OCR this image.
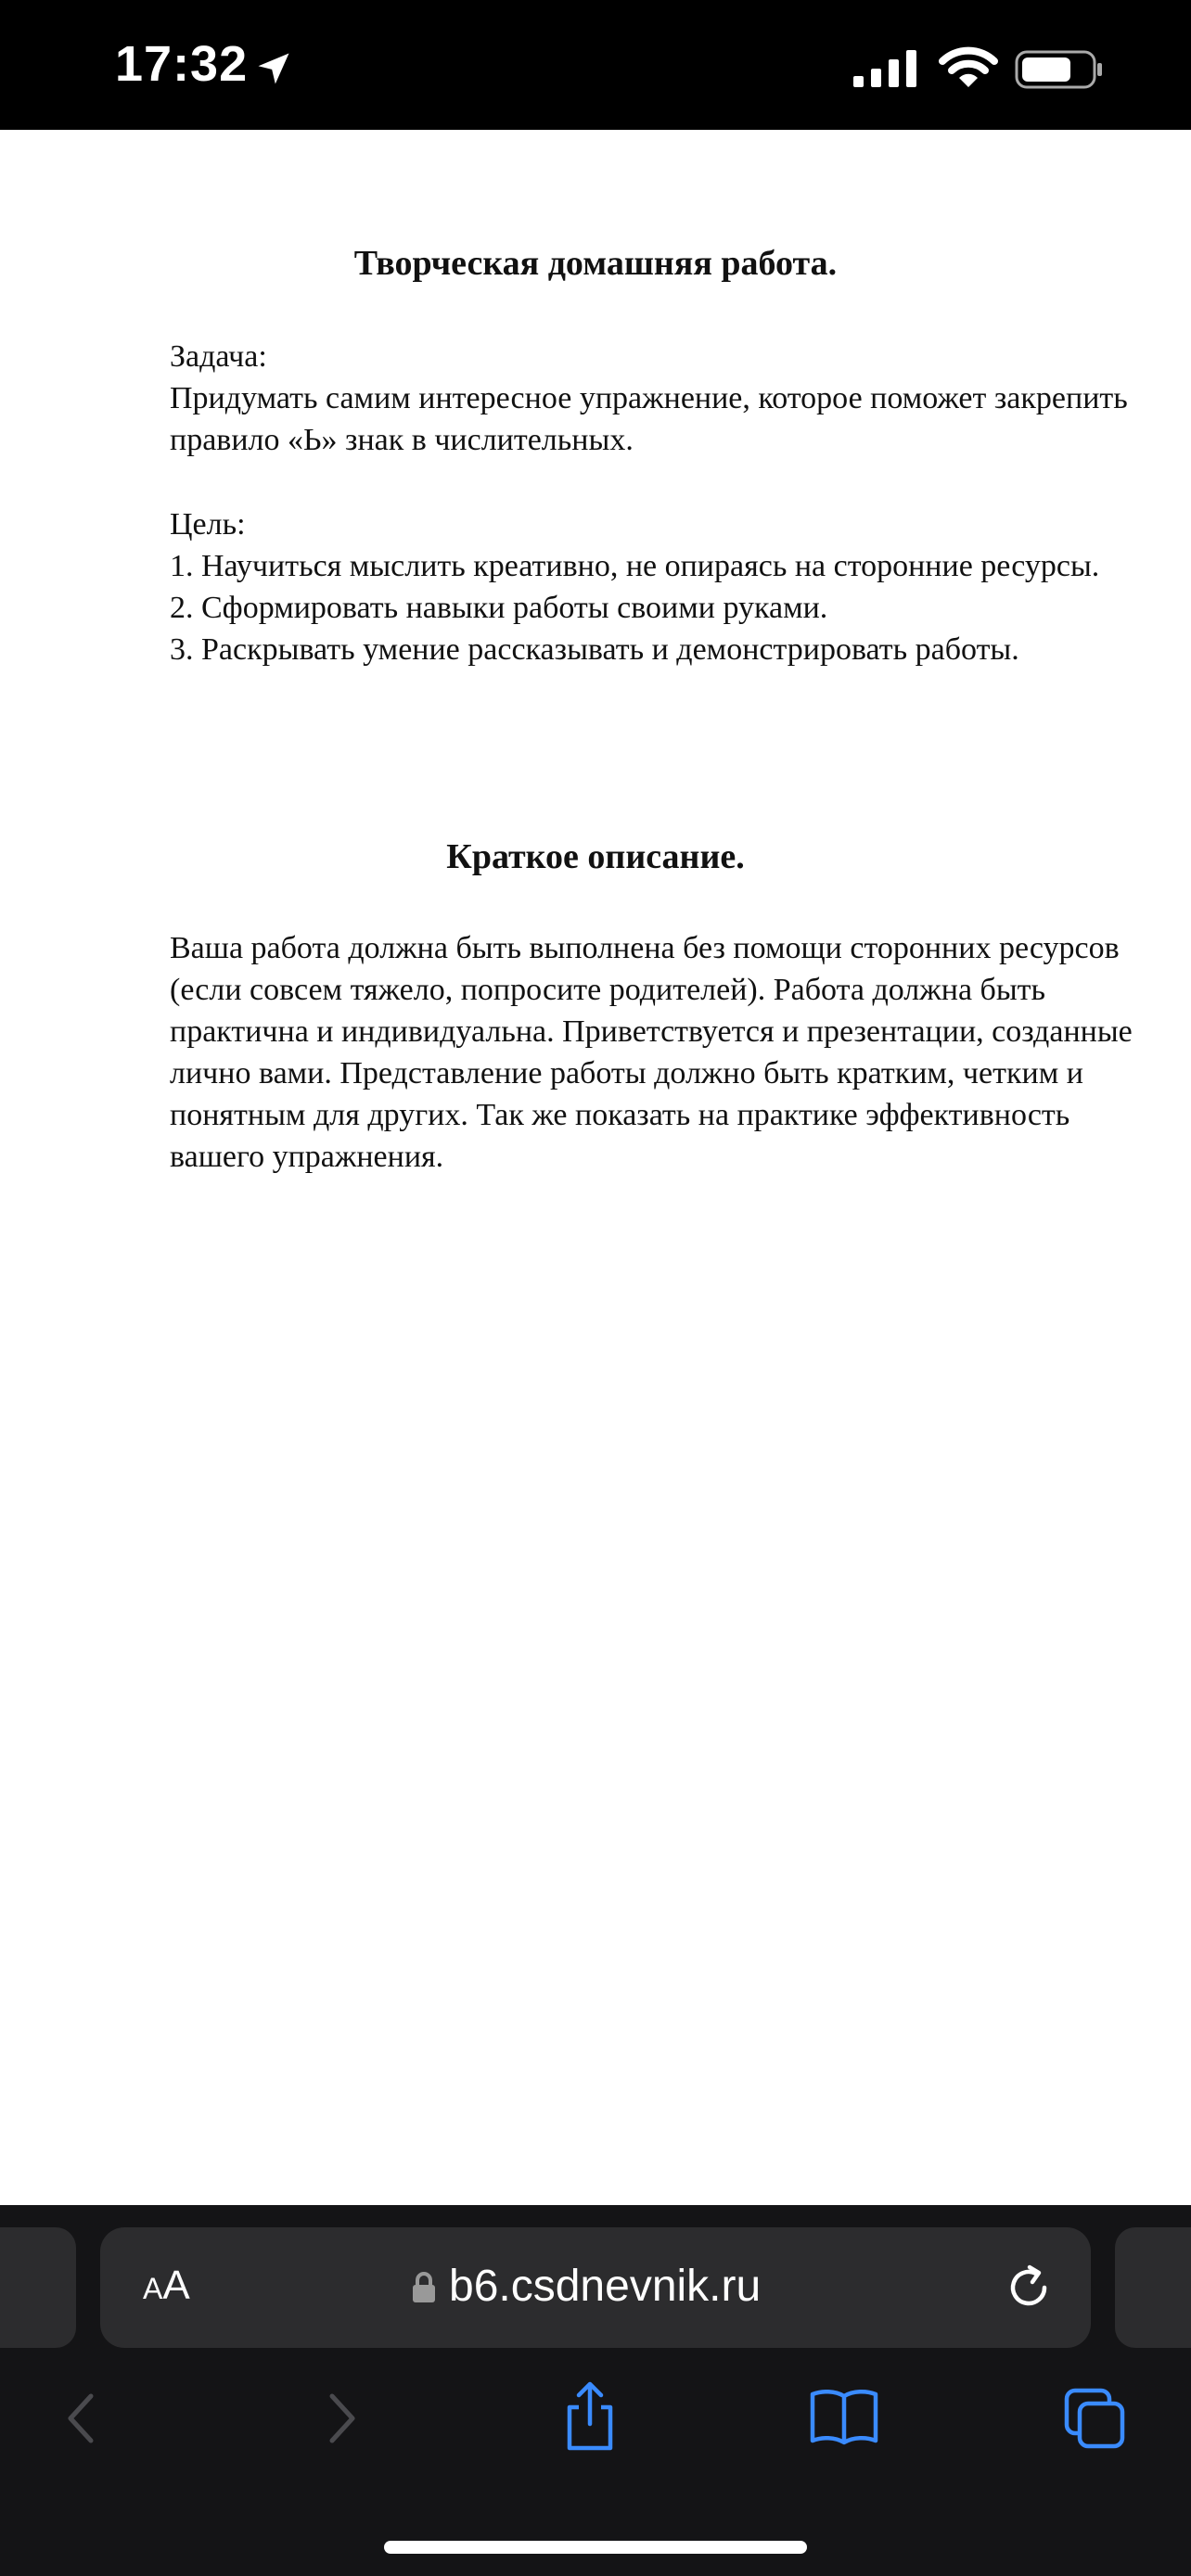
17:32
Творческая домашняя работа.
Задача:

Придумать самим интересное упражнение, которое поможет закрепить правило «Ь» знак в числительных.

Цель:

1. Научиться мыслить креативно, не опираясь на сторонние ресурсы.

2. Сформировать навыки работы своими руками.

3. Раскрывать умение рассказывать и демонстрировать работы.

Краткое описание.

Ваша работа должна быть выполнена без помощи сторонних ресурсов (если совсем тяжело, попросите родителей). Работа должна быть практична и индивидуальна. Приветствуется и презентации, созданные лично вами. Представление работы должно быть кратким, четким и понятным для других. Так же показать на практике эффективность вашего упражнения.

AA	b6.csdnevnik.ru
